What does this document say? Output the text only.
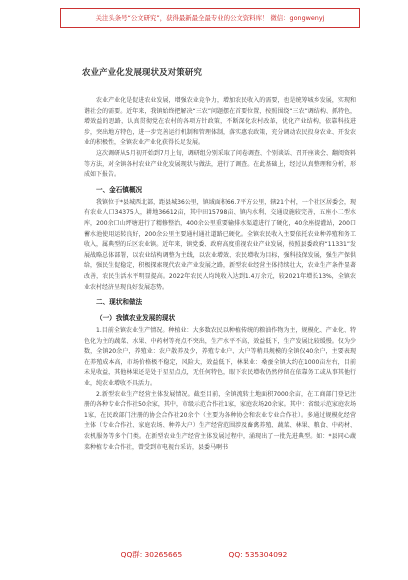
关注头条号“公文研究”，获得最新最全最专业的公文资料库！ 微信：gongwenyj
农业产业化发展现状及对策研究
农业产业化是促进农业发展，增强农业竞争力，增加农民收入的需要，也是统筹城乡发展，实现和谐社会的需要。近年来，我镇始终把解决“三农”问题摆在首要位置，按照围绕“三农”调结构、抓特色，增效益的思路，认真贯彻党在农村的各项方针政策，不断深化农村改革，优化产业结构，依靠科技进步，突出地方特色，进一步完善运行机制和管理体制，落实惠农政策，充分调动农民投身农业、开发农业的积极性，全镇农业产业化获得长足发展。
这次调研从5月初开始到7月上旬，调研组分别采取了问卷调查、个别谈话、召开座谈会、翻阅资料等方法，对全镇各村农业产业化发展现状与做法，进行了调查。在此基础上，经过认真整理和分析，形成如下报告。
一、金石镇概况
我镇位于*县城西北部，距县城36公里，镇域面积66.7平方公里，辖21个村，一个社区居委会，现有农业人口34375人，耕地36612亩，其中田15798亩、镇内水利、交通设施较完善，五座小二型水库，200余口山坪塘进行了精修整治，400余公里重要输排水渠道进行了硬化，40余座提灌站，200口蓄水池使用运转良好，200余公里主要通村通社道路已硬化。全镇农民收入主要依托农业种养殖和务工收入，属典型的丘区农业镇。近年来，镇党委、政府高度重视农业产业发展，按照县委政府“11331”发展战略总体部署，以农业结构调整为主线，以农业增效、农民增收为目标，强科技保发展，强生产保供给，强民生促稳定，积极探索现代农业产业发展之路，新型农业经营主体持续壮大，农业生产条件显著改善，农民生活水平明显提高。2022年农民人均纯收入达到1.4万余元，较2021年增长13%，全镇农业农村经济呈现良好发展态势。
二、现状和做法
（一）我镇农业发展的现状
1.目前全镇农业生产情况。种植业：大多数农民以种植传统的粮油作物为主，规模化、产业化、特色化为主的蔬菜、水果、中药材等亮点不突出，生产水平不高，效益低下，生产发展比较缓慢。仅为少数，全镇20余户，养殖业：农户散养及少，养殖专业户、大户等稍具规模的全镇仅40余户，主要表现在养殖成本高，市场价格极不稳定，风险大，效益低下，林果业：桑蚕全镇大约在1000亩左右，目前未见收益，其他林果还是处于星星点点，无任何特色，眼下农民增收仍然停留在依靠务工或从事其他行业，纯农业增收不具活力。
2.新型农业生产经营主体发展情况。截至目前，全镇流转土地面积7000余亩，在工商部门登记注册的各种专业合作社50余家，其中，市级示范合作社1家，家庭农场20余家。其中：省级示范家庭农场1家，在民政部门注册的协会合作社20余个（主要为各种协会和农业专业合作社）。多通过规模化经营主体（专业合作社、家庭农场、种养大户）生产经营范围涉及畜禽养殖、蔬菜、林果、粮食、中药材、农机服务等多个门类。在新型农业生产经营主体发展过程中，涌现出了一批先进典型。如：*县同心蔬菜种植专业合作社，曾受到市电视台采访，县委马啊书
QQ群: 30265665	QQ: 535304092
